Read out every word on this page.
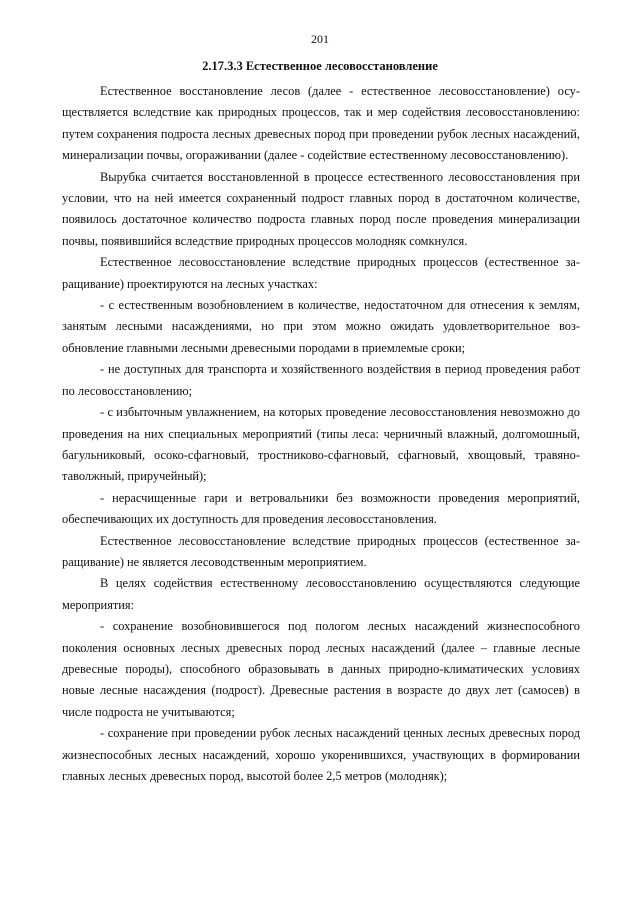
201
2.17.3.3 Естественное лесовосстановление

Естественное восстановление лесов (далее - естественное лесовосстановление) осуществляется вследствие как природных процессов, так и мер содействия лесовосстановлению: путем сохранения подроста лесных древесных пород при проведении рубок лесных насаждений, минерализации почвы, огораживании (далее - содействие естественному лесовосстановлению).

Вырубка считается восстановленной в процессе естественного лесовосстановления при условии, что на ней имеется сохраненный подрост главных пород в достаточном количестве, появилось достаточное количество подроста главных пород после проведения минерализации почвы, появившийся вследствие природных процессов молодняк сомкнулся.

Естественное лесовосстановление вследствие природных процессов (естественное заращивание) проектируются на лесных участках:

- с естественным возобновлением в количестве, недостаточном для отнесения к землям, занятым лесными насаждениями, но при этом можно ожидать удовлетворительное возобновление главными лесными древесными породами в приемлемые сроки;

- не доступных для транспорта и хозяйственного воздействия в период проведения работ по лесовосстановлению;

- с избыточным увлажнением, на которых проведение лесовосстановления невозможно до проведения на них специальных мероприятий (типы леса: черничный влажный, долгомошный, багульниковый, осоко-сфагновый, тростниково-сфагновый, сфагновый, хвощовый, травяно-таволжный, приручейный);

- нерасчищенные гари и ветровальники без возможности проведения мероприятий, обеспечивающих их доступность для проведения лесовосстановления.

Естественное лесовосстановление вследствие природных процессов (естественное заращивание) не является лесоводственным мероприятием.

В целях содействия естественному лесовосстановлению осуществляются следующие мероприятия:

- сохранение возобновившегося под пологом лесных насаждений жизнеспособного поколения основных лесных древесных пород лесных насаждений (далее – главные лесные древесные породы), способного образовывать в данных природно-климатических условиях новые лесные насаждения (подрост). Древесные растения в возрасте до двух лет (самосев) в числе подроста не учитываются;

- сохранение при проведении рубок лесных насаждений ценных лесных древесных пород жизнеспособных лесных насаждений, хорошо укоренившихся, участвующих в формировании главных лесных древесных пород, высотой более 2,5 метров (молодняк);
